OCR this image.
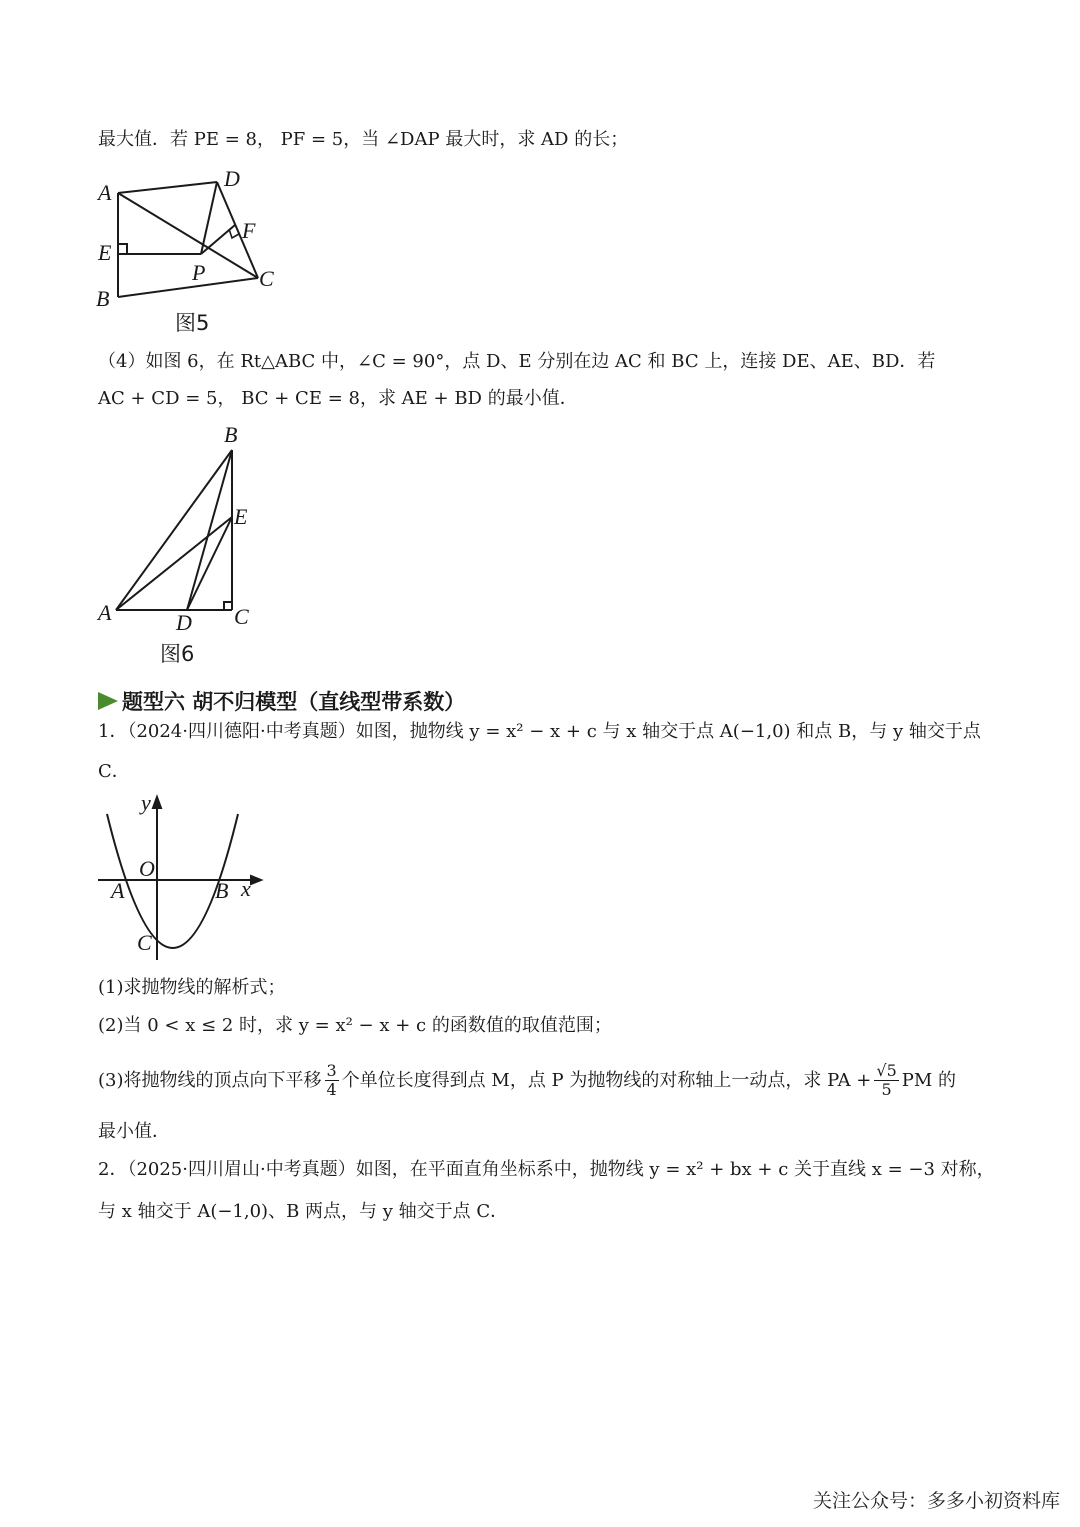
最大值．若 PE = 8， PF = 5，当 ∠DAP 最大时，求 AD 的长；
A
D
E
F
P C
B
图5
（4）如图 6，在 Rt△ABC 中，∠C = 90°，点 D、E 分别在边 AC 和 BC 上，连接 DE、AE、BD．若
AC + CD = 5， BC + CE = 8，求 AE + BD 的最小值．
B
E
A	D C
图6
题型六 胡不归模型（直线型带系数）
1．（2024·四川德阳·中考真题）如图，抛物线 y = x² − x + c 与 x 轴交于点 A(−1,0) 和点 B，与 y 轴交于点
C．
y
O
A	B x
C
(1)求抛物线的解析式；
(2)当 0 < x ≤ 2 时，求 y = x² − x + c 的函数值的取值范围；
(3)将抛物线的顶点向下平移 $\frac{3}{4}$ 个单位长度得到点 M，点 P 为抛物线的对称轴上一动点，求 PA + $\frac{√5}{5}$ PM 的
最小值．
2．（2025·四川眉山·中考真题）如图，在平面直角坐标系中，抛物线 y = x² + bx + c 关于直线 x = −3 对称，
与 x 轴交于 A(−1,0)、B 两点，与 y 轴交于点 C．
关注公众号：多多小初资料库
